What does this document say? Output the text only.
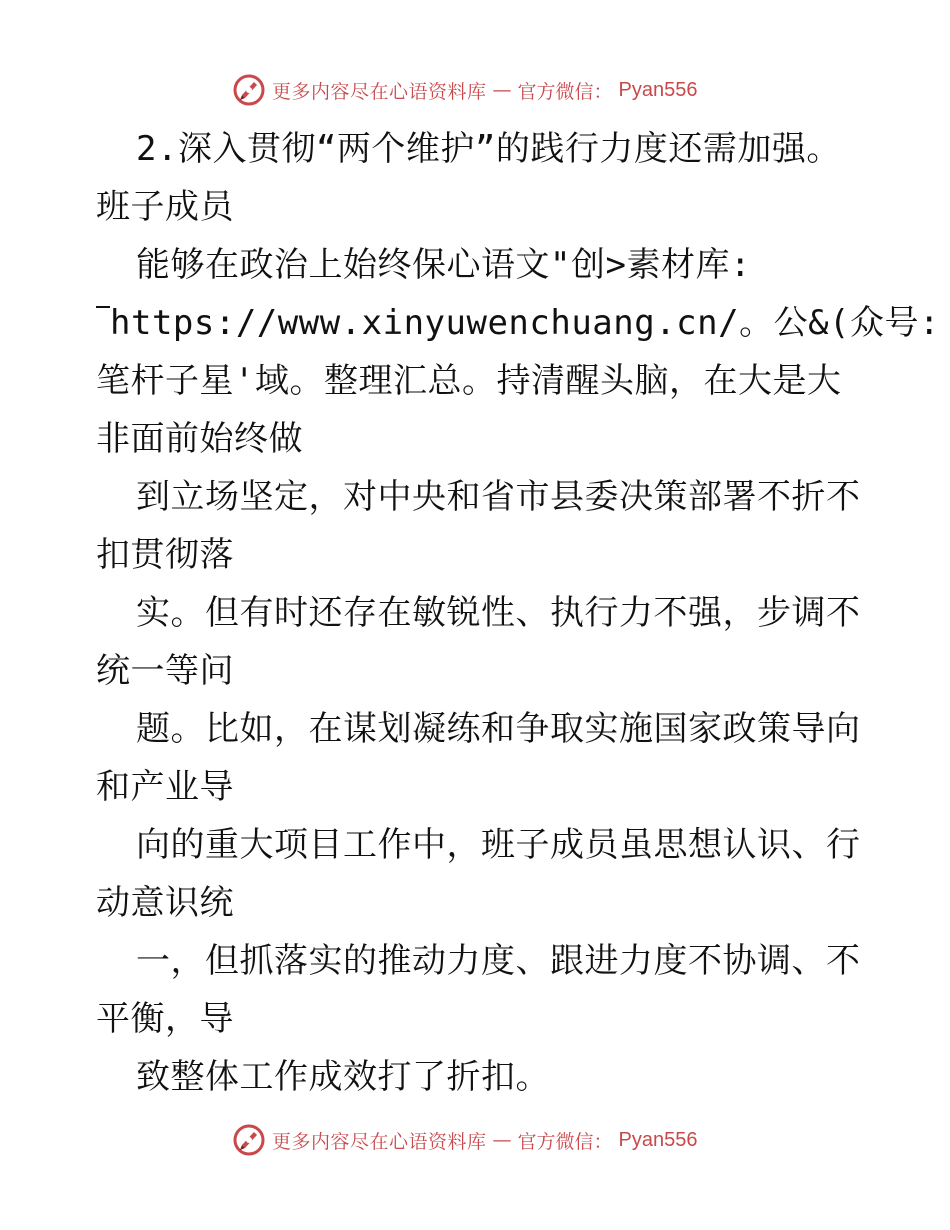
更多内容尽在心语资料库 — 官方微信： Pyan556
2.深入贯彻“两个维护”的践行力度还需加强。
班子成员
能够在政治上始终保心语文"创>素材库:
https://www.xinyuwenchuang.cn/。公&(众号:
笔杆子星'域。整理汇总。持清醒头脑，在大是大
非面前始终做
到立场坚定，对中央和省市县委决策部署不折不
扣贯彻落
实。但有时还存在敏锐性、执行力不强，步调不
统一等问
题。比如，在谋划凝练和争取实施国家政策导向
和产业导
向的重大项目工作中，班子成员虽思想认识、行
动意识统
一，但抓落实的推动力度、跟进力度不协调、不
平衡，导
致整体工作成效打了折扣。
更多内容尽在心语资料库 — 官方微信： Pyan556
